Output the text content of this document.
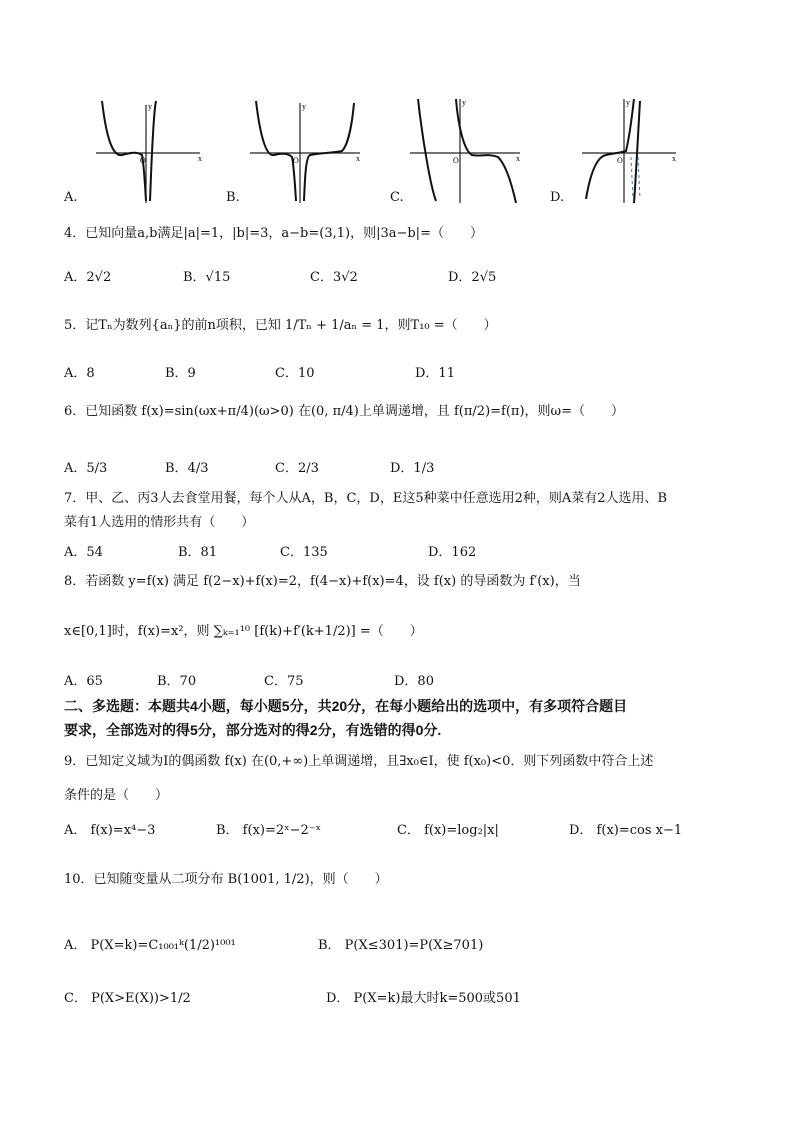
y
x
O
y
x
O
y
x
O
y
x
O
A.	B.	C.	D.
4．已知向量a,b满足|a|=1，|b|=3，a−b=(3,1)，则|3a−b|=（　　）
A．2√2	B．√15	C．3√2	D．2√5
5．记Tₙ为数列{aₙ}的前n项积，已知 1/Tₙ + 1/aₙ = 1，则T₁₀ =（　　）
A．8	B．9	C．10	D．11
6．已知函数 f(x)=sin(ωx+π/4)(ω>0) 在(0, π/4)上单调递增，且 f(π/2)=f(π)，则ω=（　　）
A．5/3	B．4/3	C．2/3	D．1/3
7．甲、乙、丙3人去食堂用餐，每个人从A，B，C，D，E这5种菜中任意选用2种，则A菜有2人选用、B
菜有1人选用的情形共有（　　）
A．54	B．81	C．135	D．162
8．若函数 y=f(x) 满足 f(2−x)+f(x)=2，f(4−x)+f(x)=4，设 f(x) 的导函数为 f′(x)，当
x∈[0,1]时，f(x)=x²，则 ∑ₖ₌₁¹⁰ [f(k)+f′(k+1/2)] =（　　）
A．65	B．70	C．75	D．80
二、多选题：本题共4小题，每小题5分，共20分，在每小题给出的选项中，有多项符合题目
要求，全部选对的得5分，部分选对的得2分，有选错的得0分.
9．已知定义域为I的偶函数 f(x) 在(0,+∞)上单调递增，且∃x₀∈I，使 f(x₀)<0．则下列函数中符合上述
条件的是（　　）
A． f(x)=x⁴−3	B． f(x)=2ˣ−2⁻ˣ	C． f(x)=log₂|x|	D． f(x)=cos x−1
10．已知随变量从二项分布 B(1001, 1/2)，则（　　）
A． P(X=k)=C₁₀₀₁ᵏ(1/2)¹⁰⁰¹	B． P(X≤301)=P(X≥701)
C． P(X>E(X))>1/2	D． P(X=k)最大时k=500或501
